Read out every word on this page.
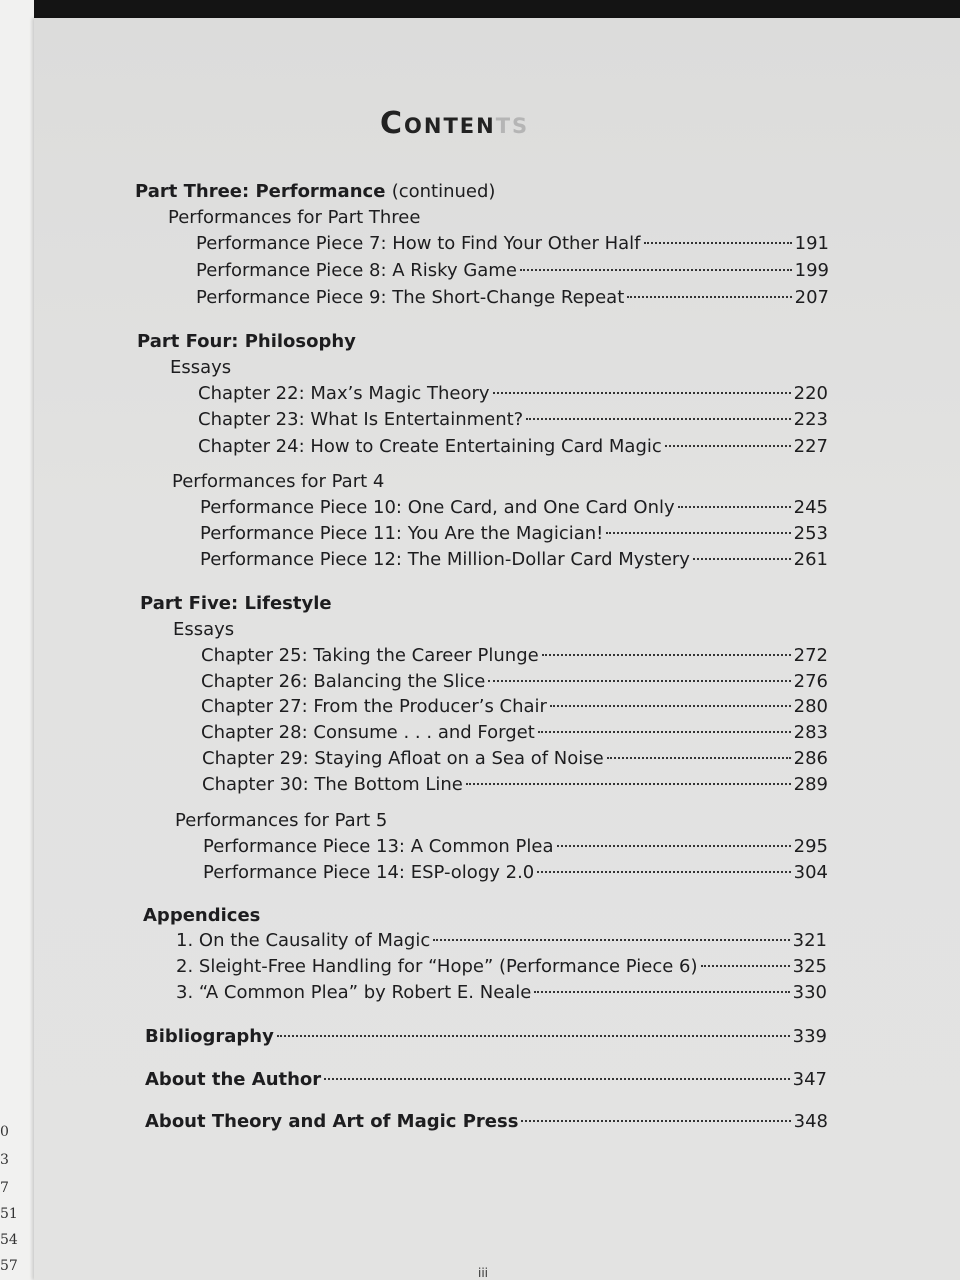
0
3
7
51
54
57
CONTENTS
Part Three: Performance
(continued)
Performances for Part Three
Performance Piece 7: How to Find Your Other Half	191
Performance Piece 8: A Risky Game	199
Performance Piece 9: The Short-Change Repeat	207
Part Four: Philosophy
Essays
Chapter 22: Max’s Magic Theory	220
Chapter 23: What Is Entertainment?	223
Chapter 24: How to Create Entertaining Card Magic	227
Performances for Part 4
Performance Piece 10: One Card, and One Card Only	245
Performance Piece 11: You Are the Magician!	253
Performance Piece 12: The Million-Dollar Card Mystery	261
Part Five: Lifestyle
Essays
Chapter 25: Taking the Career Plunge	272
Chapter 26: Balancing the Slice	276
Chapter 27: From the Producer’s Chair	280
Chapter 28: Consume . . . and Forget	283
Chapter 29: Staying Afloat on a Sea of Noise	286
Chapter 30: The Bottom Line	289
Performances for Part 5
Performance Piece 13: A Common Plea	295
Performance Piece 14: ESP-ology 2.0	304
Appendices
1. On the Causality of Magic	321
2. Sleight-Free Handling for “Hope” (Performance Piece 6)	325
3. “A Common Plea” by Robert E. Neale	330
Bibliography	339
About the Author	347
About Theory and Art of Magic Press	348
iii
